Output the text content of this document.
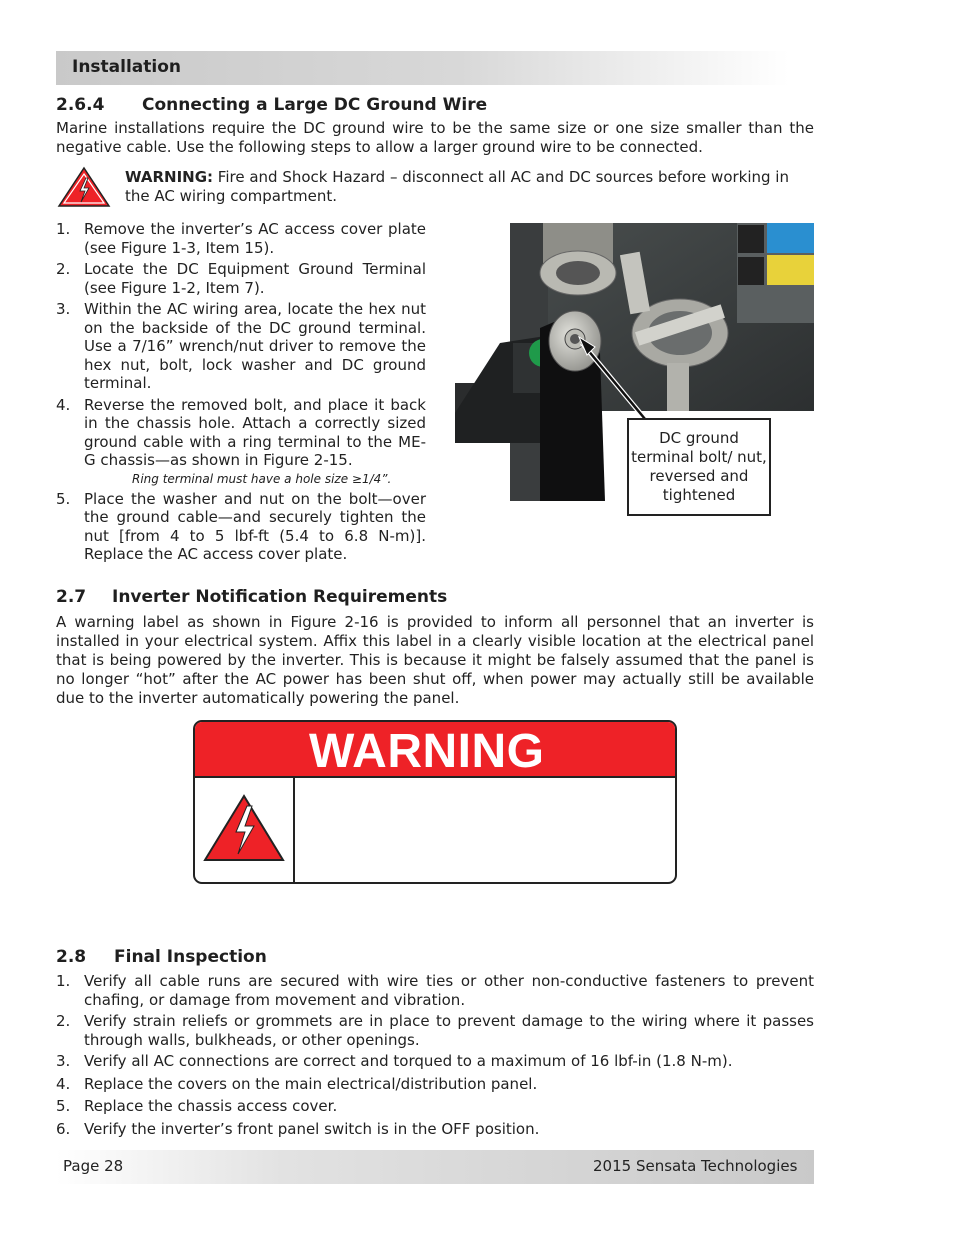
Installation
2.6.4 Connecting a Large DC Ground Wire
Marine installations require the DC ground wire to be the same size or one size smaller than the negative cable. Use the following steps to allow a larger ground wire to be connected.
WARNING: Fire and Shock Hazard – disconnect all AC and DC sources before working in the AC wiring compartment.
1. Remove the inverter’s AC access cover plate (see Figure 1-3, Item 15).
2. Locate the DC Equipment Ground Terminal (see Figure 1-2, Item 7).
3. Within the AC wiring area, locate the hex nut on the backside of the DC ground terminal. Use a 7/16” wrench/nut driver to remove the hex nut, bolt, lock washer and DC ground terminal.
4. Reverse the removed bolt, and place it back in the chassis hole. Attach a correctly sized ground cable with a ring terminal to the ME-G chassis—as shown in Figure 2-15.
Ring terminal must have a hole size ≥1/4”.
5. Place the washer and nut on the bolt—over the ground cable—and securely tighten the nut [from 4 to 5 lbf-ft (5.4 to 6.8 N-m)]. Replace the AC access cover plate.
DC ground terminal bolt/ nut, reversed and tightened
2.7 Inverter Notification Requirements
A warning label as shown in Figure 2-16 is provided to inform all personnel that an inverter is installed in your electrical system. Affix this label in a clearly visible location at the electrical panel that is being powered by the inverter. This is because it might be falsely assumed that the panel is no longer “hot” after the AC power has been shut off, when power may actually still be available due to the inverter automatically powering the panel.
WARNING
2.8 Final Inspection
1. Verify all cable runs are secured with wire ties or other non-conductive fasteners to prevent chafing, or damage from movement and vibration.
2. Verify strain reliefs or grommets are in place to prevent damage to the wiring where it passes through walls, bulkheads, or other openings.
3. Verify all AC connections are correct and torqued to a maximum of 16 lbf-in (1.8 N-m).
4. Replace the covers on the main electrical/distribution panel.
5. Replace the chassis access cover.
6. Verify the inverter’s front panel switch is in the OFF position.
Page 28	2015 Sensata Technologies
